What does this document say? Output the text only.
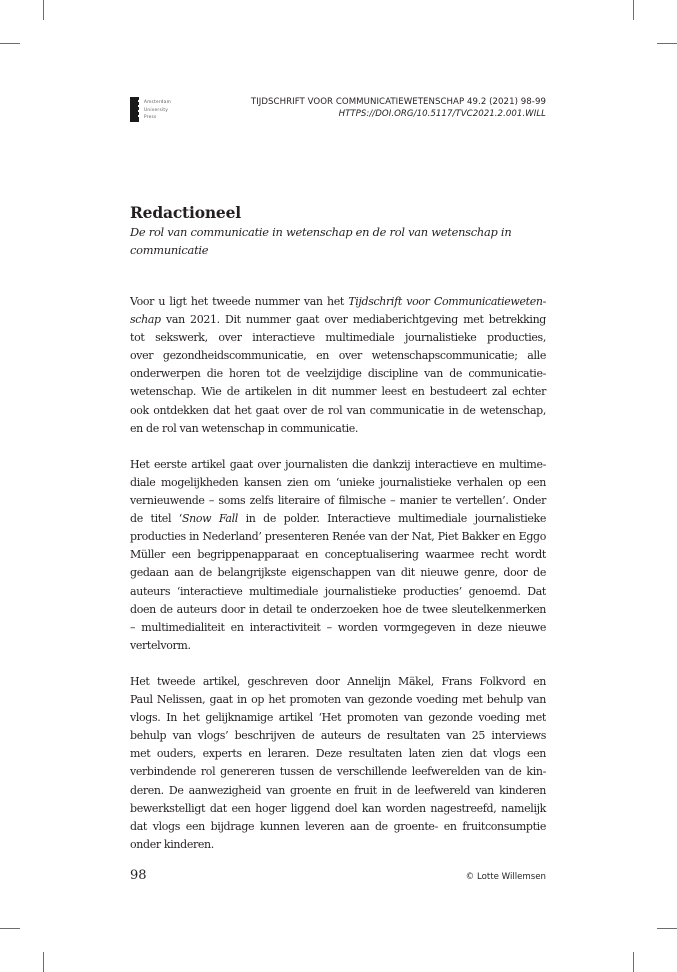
Amsterdam
University
Press
TIJDSCHRIFT VOOR COMMUNICATIEWETENSCHAP 49.2 (2021) 98-99
HTTPS://DOI.ORG/10.5117/TVC2021.2.001.WILL
Redactioneel
De rol van communicatie in wetenschap en de rol van wetenschap in
communicatie
Voor u ligt het tweede nummer van het Tijdschrift voor Communicatieweten-
schap van 2021. Dit nummer gaat over mediaberichtgeving met betrekking
tot sekswerk, over interactieve multimediale journalistieke producties,
over gezondheidscommunicatie, en over wetenschapscommunicatie; alle
onderwerpen die horen tot de veelzijdige discipline van de communicatie-
wetenschap. Wie de artikelen in dit nummer leest en bestudeert zal echter
ook ontdekken dat het gaat over de rol van communicatie in de wetenschap,
en de rol van wetenschap in communicatie.
Het eerste artikel gaat over journalisten die dankzij interactieve en multime-
diale mogelijkheden kansen zien om ‘unieke journalistieke verhalen op een
vernieuwende – soms zelfs literaire of filmische – manier te vertellen’. Onder
de titel ‘Snow Fall in de polder. Interactieve multimediale journalistieke
producties in Nederland’ presenteren Renée van der Nat, Piet Bakker en Eggo
Müller een begrippenapparaat en conceptualisering waarmee recht wordt
gedaan aan de belangrijkste eigenschappen van dit nieuwe genre, door de
auteurs ‘interactieve multimediale journalistieke producties’ genoemd. Dat
doen de auteurs door in detail te onderzoeken hoe de twee sleutelkenmerken
– multimedialiteit en interactiviteit – worden vormgegeven in deze nieuwe
vertelvorm.
Het tweede artikel, geschreven door Annelijn Mäkel, Frans Folkvord en
Paul Nelissen, gaat in op het promoten van gezonde voeding met behulp van
vlogs. In het gelijknamige artikel ‘Het promoten van gezonde voeding met
behulp van vlogs’ beschrijven de auteurs de resultaten van 25 interviews
met ouders, experts en leraren. Deze resultaten laten zien dat vlogs een
verbindende rol genereren tussen de verschillende leefwerelden van de kin-
deren. De aanwezigheid van groente en fruit in de leefwereld van kinderen
bewerkstelligt dat een hoger liggend doel kan worden nagestreefd, namelijk
dat vlogs een bijdrage kunnen leveren aan de groente- en fruitconsumptie
onder kinderen.
98	© Lotte Willemsen
